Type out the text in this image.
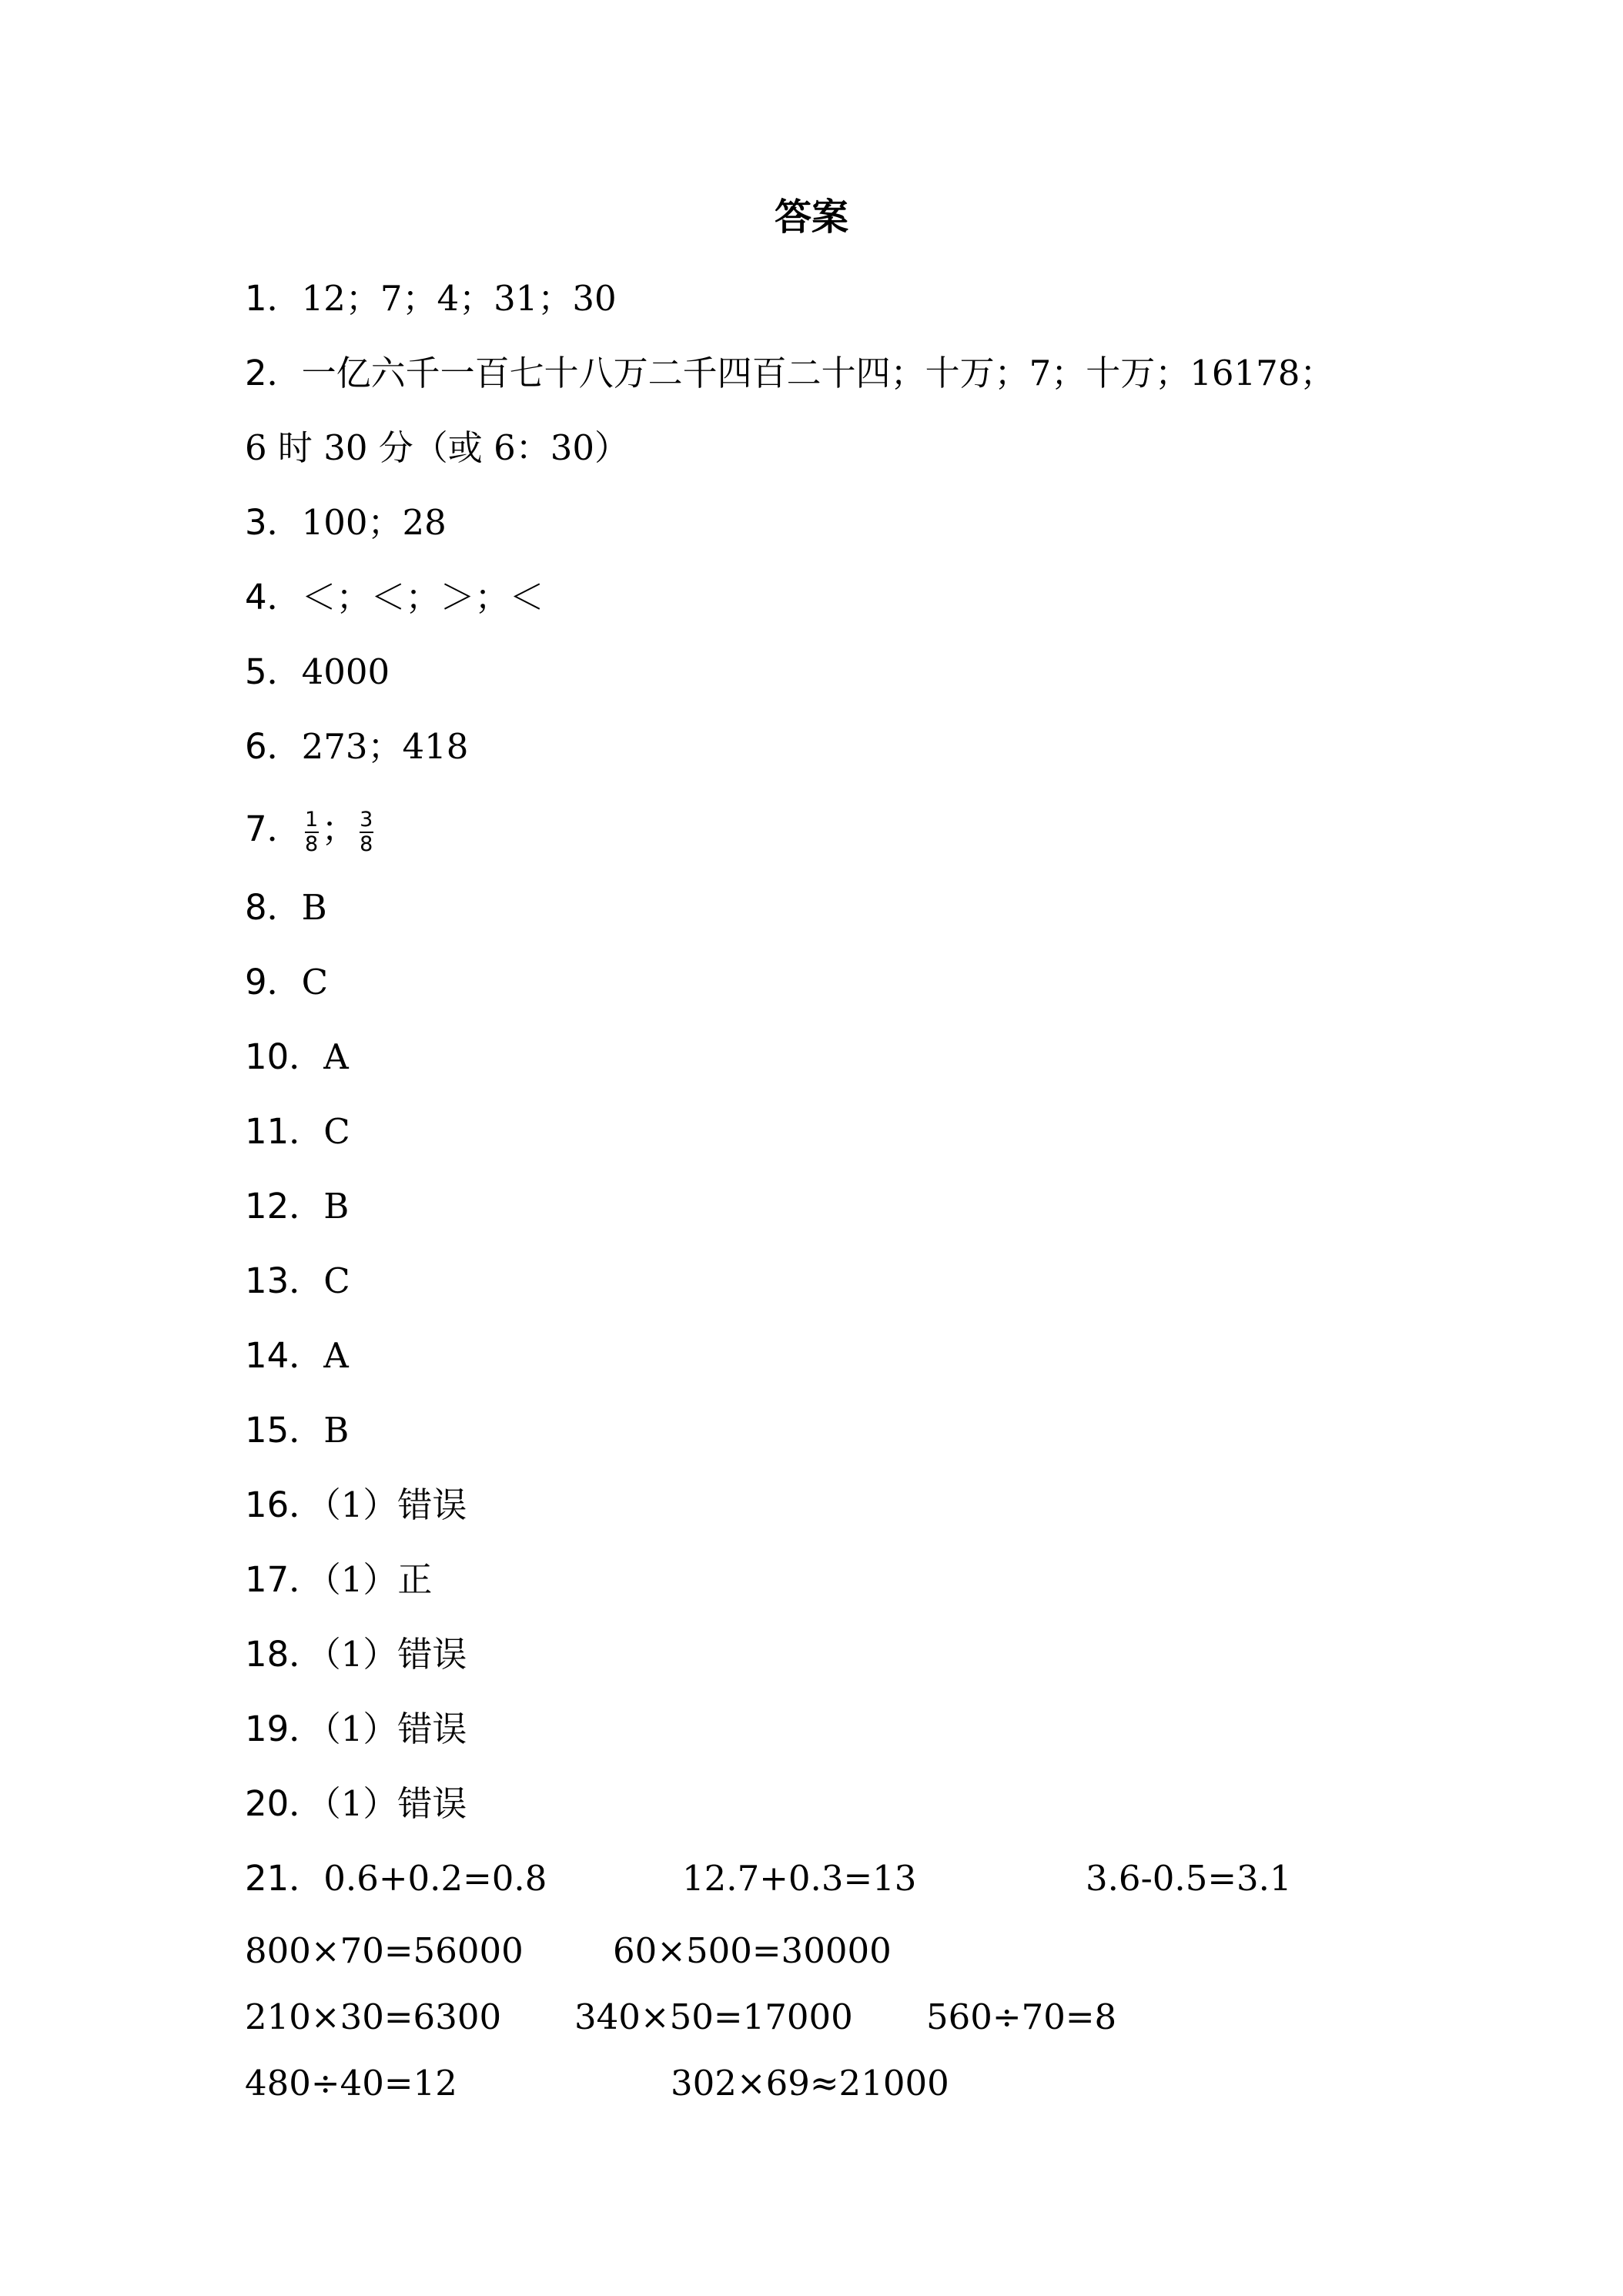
答案
1．12；7；4；31；30
2．一亿六千一百七十八万二千四百二十四；十万；7；十万；16178；
6 时 30 分（或 6：30）
3．100；28
4．＜；＜；＞；＜
5．4000
6．273；418
7． $\frac{1}{8}$ ； $\frac{3}{8}$
8．B
9．C
10．A
11．C
12．B
13．C
14．A
15．B
16．（1）错误
17．（1）正
18．（1）错误
19．（1）错误
20．（1）错误
21．0.6+0.2=0.8	12.7+0.3=13	3.6-0.5=3.1
800×70=56000	60×500=30000
210×30=6300 340×50=17000 560÷70=8
480÷40=12	302×69≈21000
